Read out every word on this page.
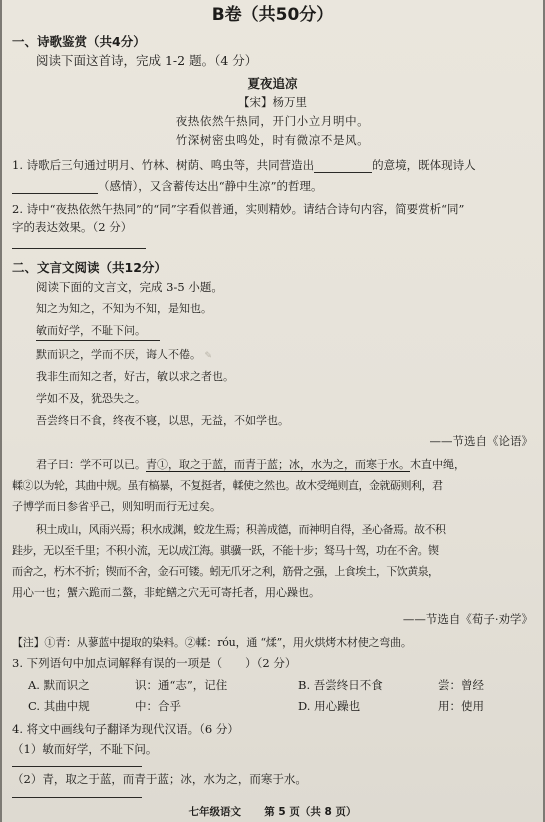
B卷（共50分）
一、诗歌鉴赏（共4分）
阅读下面这首诗，完成 1-2 题。（4 分）
夏夜追凉
【宋】杨万里
夜热依然午热同，开门小立月明中。
竹深树密虫鸣处，时有微凉不是风。
1. 诗歌后三句通过明月、竹林、树荫、鸣虫等，共同营造出	的意境，既体现诗人
（感情），又含蓄传达出“静中生凉”的哲理。
2. 诗中“夜热依然午热同”的“同”字看似普通，实则精妙。请结合诗句内容，简要赏析“同”
字的表达效果。（2 分）
二、文言文阅读（共12分）
阅读下面的文言文，完成 3-5 小题。
知之为知之，不知为不知，是知也。
敏而好学，不耻下问。
默而识之，学而不厌，诲人不倦。 ✎
我非生而知之者，好古，敏以求之者也。
学如不及，犹恐失之。
吾尝终日不食，终夜不寝，以思，无益，不如学也。
——节选自《论语》
君子曰：学不可以已。青①，取之于蓝，而青于蓝；冰，水为之，而寒于水。木直中绳，
輮②以为轮，其曲中规。虽有槁暴，不复挺者，輮使之然也。故木受绳则直，金就砺则利，君
子博学而日参省乎己，则知明而行无过矣。
积土成山，风雨兴焉；积水成渊，蛟龙生焉；积善成德，而神明自得，圣心备焉。故不积
跬步，无以至千里；不积小流，无以成江海。骐骥一跃，不能十步；驽马十驾，功在不舍。锲
而舍之，朽木不折；锲而不舍，金石可镂。蚓无爪牙之利，筋骨之强，上食埃土，下饮黄泉，
用心一也；蟹六跪而二螯，非蛇鳝之穴无可寄托者，用心躁也。
——节选自《荀子·劝学》
【注】①青：从蓼蓝中提取的染料。②輮：róu，通 “煣”，用火烘烤木材使之弯曲。
3. 下列语句中加点词解释有误的一项是（　　）（2 分）
A. 默而识之	识：通“志”，记住	B. 吾尝终日不食	尝：曾经
C. 其曲中规	中：合乎	D. 用心躁也	用：使用
4. 将文中画线句子翻译为现代汉语。（6 分）
（1）敏而好学，不耻下问。
（2）青，取之于蓝，而青于蓝；冰，水为之，而寒于水。
七年级语文 第 5 页（共 8 页）
